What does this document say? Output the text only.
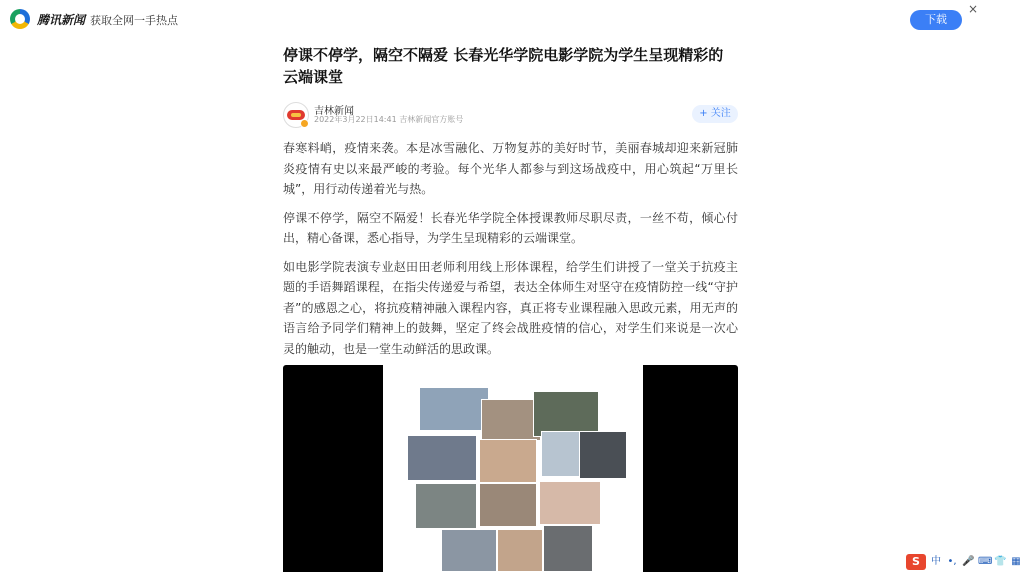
腾讯新闻 获取全网一手热点	下载
×
停课不停学，隔空不隔爱 长春光华学院电影学院为学生呈现精彩的云端课堂
吉林新闻
2022年3月22日14:41 吉林新闻官方账号
+ 关注

春寒料峭，疫情来袭。本是冰雪融化、万物复苏的美好时节，美丽春城却迎来新冠肺炎疫情有史以来最严峻的考验。每个光华人都参与到这场战疫中，用心筑起“万里长城”，用行动传递着光与热。

停课不停学，隔空不隔爱！长春光华学院全体授课教师尽职尽责，一丝不苟，倾心付出，精心备课，悉心指导，为学生呈现精彩的云端课堂。

如电影学院表演专业赵田田老师利用线上形体课程，给学生们讲授了一堂关于抗疫主题的手语舞蹈课程，在指尖传递爱与希望，表达全体师生对坚守在疫情防控一线“守护者”的感恩之心，将抗疫精神融入课程内容，真正将专业课程融入思政元素，用无声的语言给予同学们精神上的鼓舞，坚定了终会战胜疫情的信心，对学生们来说是一次心灵的触动，也是一堂生动鲜活的思政课。

S	中 •, 🎤 ⌨ 👕 ▦
